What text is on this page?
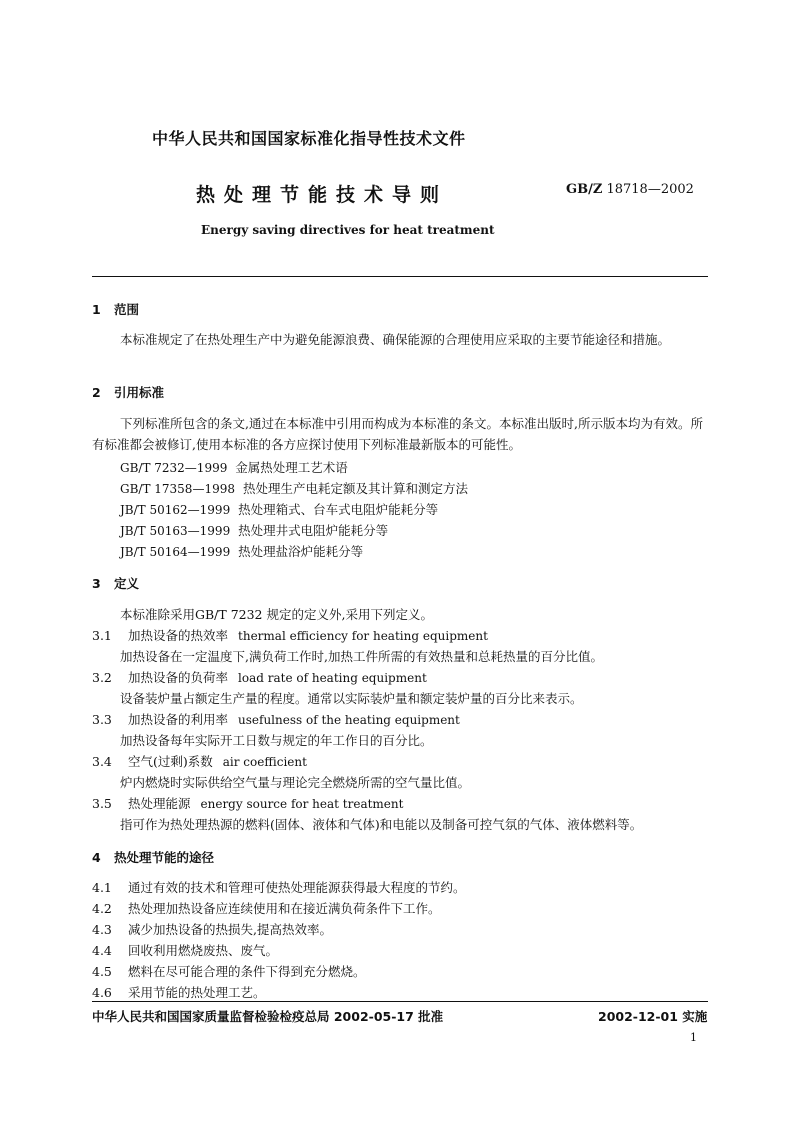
中华人民共和国国家标准化指导性技术文件
热处理节能技术导则	GB/Z 18718—2002
Energy saving directives for heat treatment
1 范围
本标准规定了在热处理生产中为避免能源浪费、确保能源的合理使用应采取的主要节能途径和措施。
2 引用标准
下列标准所包含的条文,通过在本标准中引用而构成为本标准的条文。本标准出版时,所示版本均为有效。所有标准都会被修订,使用本标准的各方应探讨使用下列标准最新版本的可能性。
GB/T 7232—1999 金属热处理工艺术语
GB/T 17358—1998 热处理生产电耗定额及其计算和测定方法
JB/T 50162—1999 热处理箱式、台车式电阻炉能耗分等
JB/T 50163—1999 热处理井式电阻炉能耗分等
JB/T 50164—1999 热处理盐浴炉能耗分等
3 定义
本标准除采用GB/T 7232 规定的定义外,采用下列定义。
3.1 加热设备的热效率 thermal efficiency for heating equipment
加热设备在一定温度下,满负荷工作时,加热工件所需的有效热量和总耗热量的百分比值。
3.2 加热设备的负荷率 load rate of heating equipment
设备装炉量占额定生产量的程度。通常以实际装炉量和额定装炉量的百分比来表示。
3.3 加热设备的利用率 usefulness of the heating equipment
加热设备每年实际开工日数与规定的年工作日的百分比。
3.4 空气(过剩)系数 air coefficient
炉内燃烧时实际供给空气量与理论完全燃烧所需的空气量比值。
3.5 热处理能源 energy source for heat treatment
指可作为热处理热源的燃料(固体、液体和气体)和电能以及制备可控气氛的气体、液体燃料等。
4 热处理节能的途径
4.1 通过有效的技术和管理可使热处理能源获得最大程度的节约。
4.2 热处理加热设备应连续使用和在接近满负荷条件下工作。
4.3 减少加热设备的热损失,提高热效率。
4.4 回收利用燃烧废热、废气。
4.5 燃料在尽可能合理的条件下得到充分燃烧。
4.6 采用节能的热处理工艺。
中华人民共和国国家质量监督检验检疫总局 2002-05-17 批准	2002-12-01 实施
1
